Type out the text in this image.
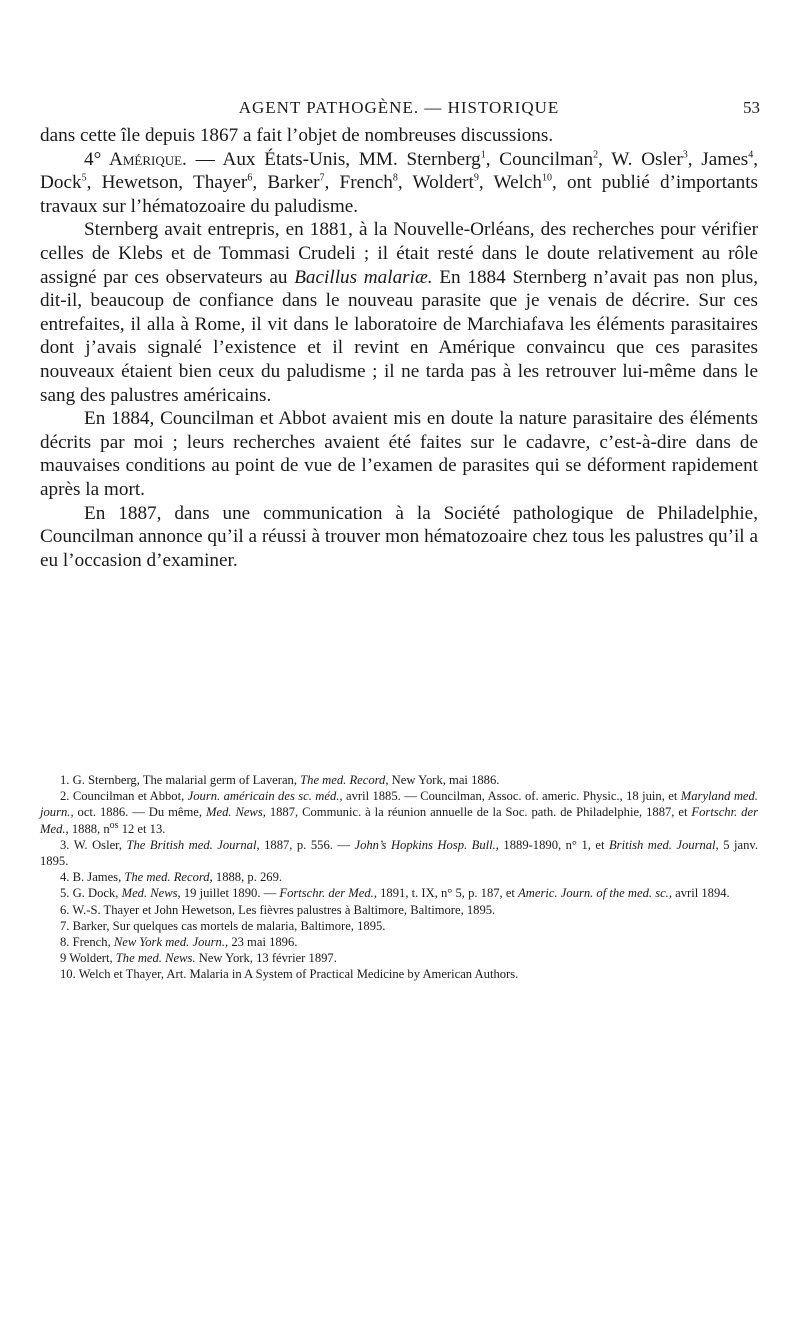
AGENT PATHOGÈNE. — HISTORIQUE	53

dans cette île depuis 1867 a fait l’objet de nombreuses discussions.

4° Amérique. — Aux États-Unis, MM. Sternberg$^1$, Councilman$^2$, W. Osler$^3$, James$^4$, Dock$^5$, Hewetson, Thayer$^6$, Barker$^7$, French$^8$, Woldert$^9$, Welch$^{10}$, ont publié d’importants travaux sur l’hématozoaire du paludisme.

Sternberg avait entrepris, en 1881, à la Nouvelle-Orléans, des recherches pour vérifier celles de Klebs et de Tommasi Crudeli ; il était resté dans le doute relativement au rôle assigné par ces observateurs au Bacillus malariæ. En 1884 Sternberg n’avait pas non plus, dit-il, beaucoup de confiance dans le nouveau parasite que je venais de décrire. Sur ces entrefaites, il alla à Rome, il vit dans le laboratoire de Marchiafava les éléments parasitaires dont j’avais signalé l’existence et il revint en Amérique convaincu que ces parasites nouveaux étaient bien ceux du paludisme ; il ne tarda pas à les retrouver lui-même dans le sang des palustres américains.

En 1884, Councilman et Abbot avaient mis en doute la nature parasitaire des éléments décrits par moi ; leurs recherches avaient été faites sur le cadavre, c’est-à-dire dans de mauvaises conditions au point de vue de l’examen de parasites qui se déforment rapidement après la mort.

En 1887, dans une communication à la Société pathologique de Philadelphie, Councilman annonce qu’il a réussi à trouver mon hématozoaire chez tous les palustres qu’il a eu l’occasion d’examiner.

1. G. Sternberg, The malarial germ of Laveran, The med. Record, New York, mai 1886.

2. Councilman et Abbot, Journ. américain des sc. méd., avril 1885. — Councilman, Assoc. of. americ. Physic., 18 juin, et Maryland med. journ., oct. 1886. — Du même, Med. News, 1887, Communic. à la réunion annuelle de la Soc. path. de Philadelphie, 1887, et Fortschr. der Med., 1888, $n^{os}$ 12 et 13.

3. W. Osler, The British med. Journal, 1887, p. 556. — John’s Hopkins Hosp. Bull., 1889-1890, n° 1, et British med. Journal, 5 janv. 1895.

4. B. James, The med. Record, 1888, p. 269.

5. G. Dock, Med. News, 19 juillet 1890. — Fortschr. der Med., 1891, t. IX, n° 5, p. 187, et Americ. Journ. of the med. sc., avril 1894.

6. W.-S. Thayer et John Hewetson, Les fièvres palustres à Baltimore, Baltimore, 1895.

7. Barker, Sur quelques cas mortels de malaria, Baltimore, 1895.

8. French, New York med. Journ., 23 mai 1896.

9 Woldert, The med. News. New York, 13 février 1897.

10. Welch et Thayer, Art. Malaria in A System of Practical Medicine by American Authors.
